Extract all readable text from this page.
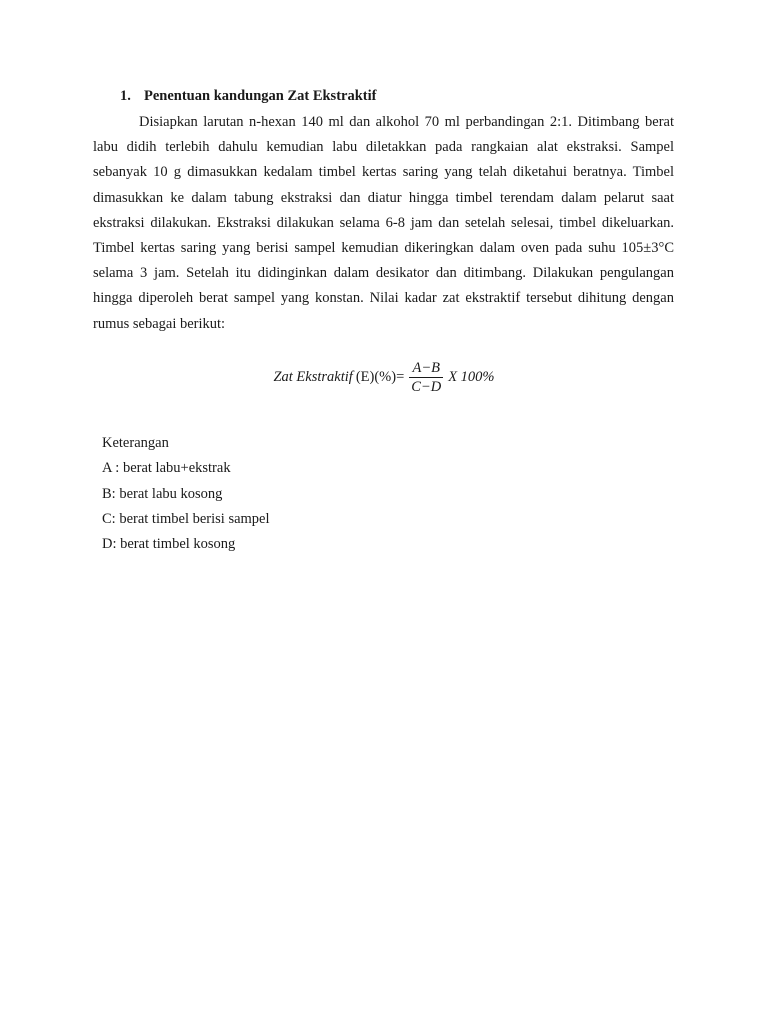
1. Penentuan kandungan Zat Ekstraktif

Disiapkan larutan n-hexan 140 ml dan alkohol 70 ml perbandingan 2:1. Ditimbang berat labu didih terlebih dahulu kemudian labu diletakkan pada rangkaian alat ekstraksi. Sampel sebanyak 10 g dimasukkan kedalam timbel kertas saring yang telah diketahui beratnya. Timbel dimasukkan ke dalam tabung ekstraksi dan diatur hingga timbel terendam dalam pelarut saat ekstraksi dilakukan. Ekstraksi dilakukan selama 6-8 jam dan setelah selesai, timbel dikeluarkan. Timbel kertas saring yang berisi sampel kemudian dikeringkan dalam oven pada suhu 105±3°C selama 3 jam. Setelah itu didinginkan dalam desikator dan ditimbang. Dilakukan pengulangan hingga diperoleh berat sampel yang konstan. Nilai kadar zat ekstraktif tersebut dihitung dengan rumus sebagai berikut:

Zat Ekstraktif $(E)(\%)= \frac{A-B}{C-D}$ X 100%
Keterangan
A : berat labu+ekstrak
B: berat labu kosong
C: berat timbel berisi sampel
D: berat timbel kosong
